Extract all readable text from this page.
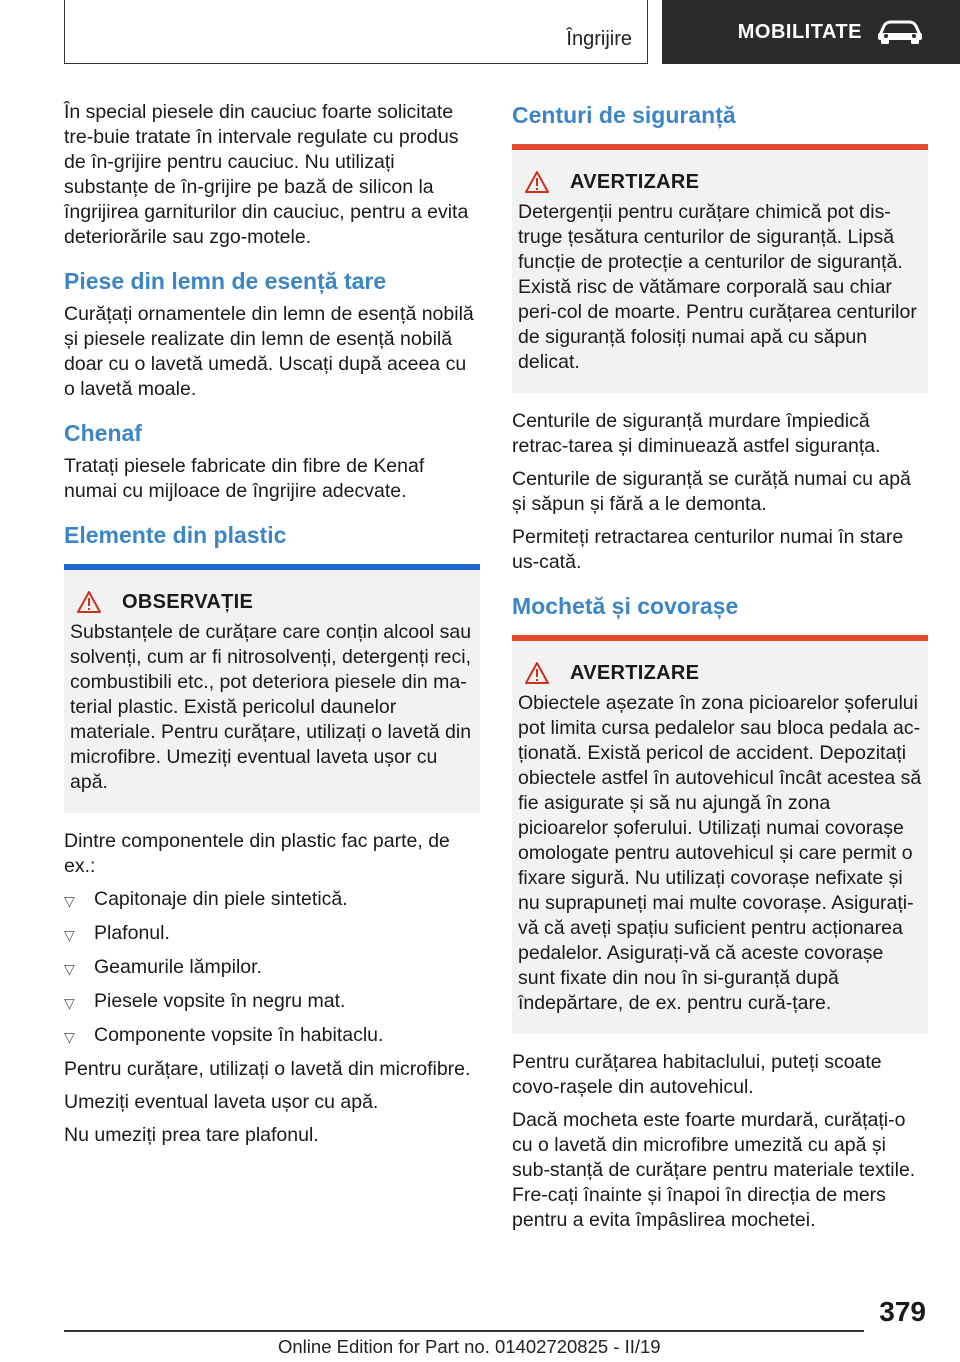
Îngrijire	MOBILITATE

În special piesele din cauciuc foarte solicitate tre-buie tratate în intervale regulate cu produs de în-grijire pentru cauciuc. Nu utilizați substanțe de în-grijire pe bază de silicon la îngrijirea garniturilor din cauciuc, pentru a evita deteriorările sau zgo-motele.

Piese din lemn de esență tare

Curățați ornamentele din lemn de esență nobilă și piesele realizate din lemn de esență nobilă doar cu o lavetă umedă. Uscați după aceea cu o lavetă moale.

Chenaf

Tratați piesele fabricate din fibre de Kenaf numai cu mijloace de îngrijire adecvate.

Elemente din plastic
OBSERVAȚIE

Substanțele de curățare care conțin alcool sau solvenți, cum ar fi nitrosolvenți, detergenți reci, combustibili etc., pot deteriora piesele din ma-terial plastic. Există pericolul daunelor materiale. Pentru curățare, utilizați o lavetă din microfibre. Umeziți eventual laveta ușor cu apă.

Dintre componentele din plastic fac parte, de ex.:

▽ Capitonaje din piele sintetică.
▽ Plafonul.
▽ Geamurile lămpilor.
▽ Piesele vopsite în negru mat.
▽ Componente vopsite în habitaclu.

Pentru curățare, utilizați o lavetă din microfibre.

Umeziți eventual laveta ușor cu apă.

Nu umeziți prea tare plafonul.

Centuri de siguranță
AVERTIZARE

Detergenții pentru curățare chimică pot dis-truge țesătura centurilor de siguranță. Lipsă funcție de protecție a centurilor de siguranță. Există risc de vătămare corporală sau chiar peri-col de moarte. Pentru curățarea centurilor de siguranță folosiți numai apă cu săpun delicat.

Centurile de siguranță murdare împiedică retrac-tarea și diminuează astfel siguranța.

Centurile de siguranță se curăță numai cu apă și săpun și fără a le demonta.

Permiteți retractarea centurilor numai în stare us-cată.

Mochetă și covorașe
AVERTIZARE

Obiectele așezate în zona picioarelor șoferului pot limita cursa pedalelor sau bloca pedala ac-ționată. Există pericol de accident. Depozitați obiectele astfel în autovehicul încât acestea să fie asigurate și să nu ajungă în zona picioarelor șoferului. Utilizați numai covorașe omologate pentru autovehicul și care permit o fixare sigură. Nu utilizați covorașe nefixate și nu suprapuneți mai multe covorașe. Asigurați-vă că aveți spațiu suficient pentru acționarea pedalelor. Asigurați-vă că aceste covorașe sunt fixate din nou în si-guranță după îndepărtare, de ex. pentru cură-țare.

Pentru curățarea habitaclului, puteți scoate covo-rașele din autovehicul.

Dacă mocheta este foarte murdară, curățați-o cu o lavetă din microfibre umezită cu apă și sub-stanță de curățare pentru materiale textile. Fre-cați înainte și înapoi în direcția de mers pentru a evita împâslirea mochetei.

379
Online Edition for Part no. 01402720825 - II/19
